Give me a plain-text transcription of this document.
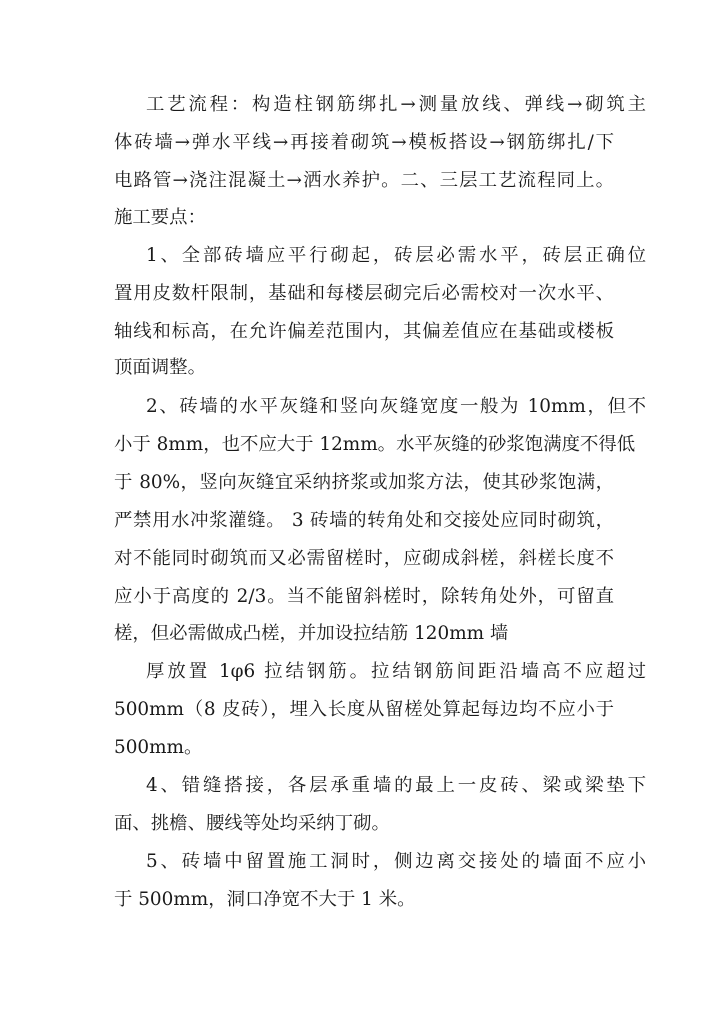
工艺流程：构造柱钢筋绑扎→测量放线、弹线→砌筑主
体砖墙→弹水平线→再接着砌筑→模板搭设→钢筋绑扎/下
电路管→浇注混凝土→洒水养护。二、三层工艺流程同上。
施工要点：
1、全部砖墙应平行砌起，砖层必需水平，砖层正确位
置用皮数杆限制，基础和每楼层砌完后必需校对一次水平、
轴线和标高，在允许偏差范围内，其偏差值应在基础或楼板
顶面调整。
2、砖墙的水平灰缝和竖向灰缝宽度一般为 10mm，但不
小于 8mm，也不应大于 12mm。水平灰缝的砂浆饱满度不得低
于 80%，竖向灰缝宜采纳挤浆或加浆方法，使其砂浆饱满，
严禁用水冲浆灌缝。 3 砖墙的转角处和交接处应同时砌筑，
对不能同时砌筑而又必需留槎时，应砌成斜槎，斜槎长度不
应小于高度的 2/3。当不能留斜槎时，除转角处外，可留直
槎，但必需做成凸槎，并加设拉结筋 120mm 墙
厚放置 1φ6 拉结钢筋。拉结钢筋间距沿墙高不应超过
500mm（8 皮砖），埋入长度从留槎处算起每边均不应小于
500mm。
4、错缝搭接，各层承重墙的最上一皮砖、梁或梁垫下
面、挑檐、腰线等处均采纳丁砌。
5、砖墙中留置施工洞时，侧边离交接处的墙面不应小
于 500mm，洞口净宽不大于 1 米。
